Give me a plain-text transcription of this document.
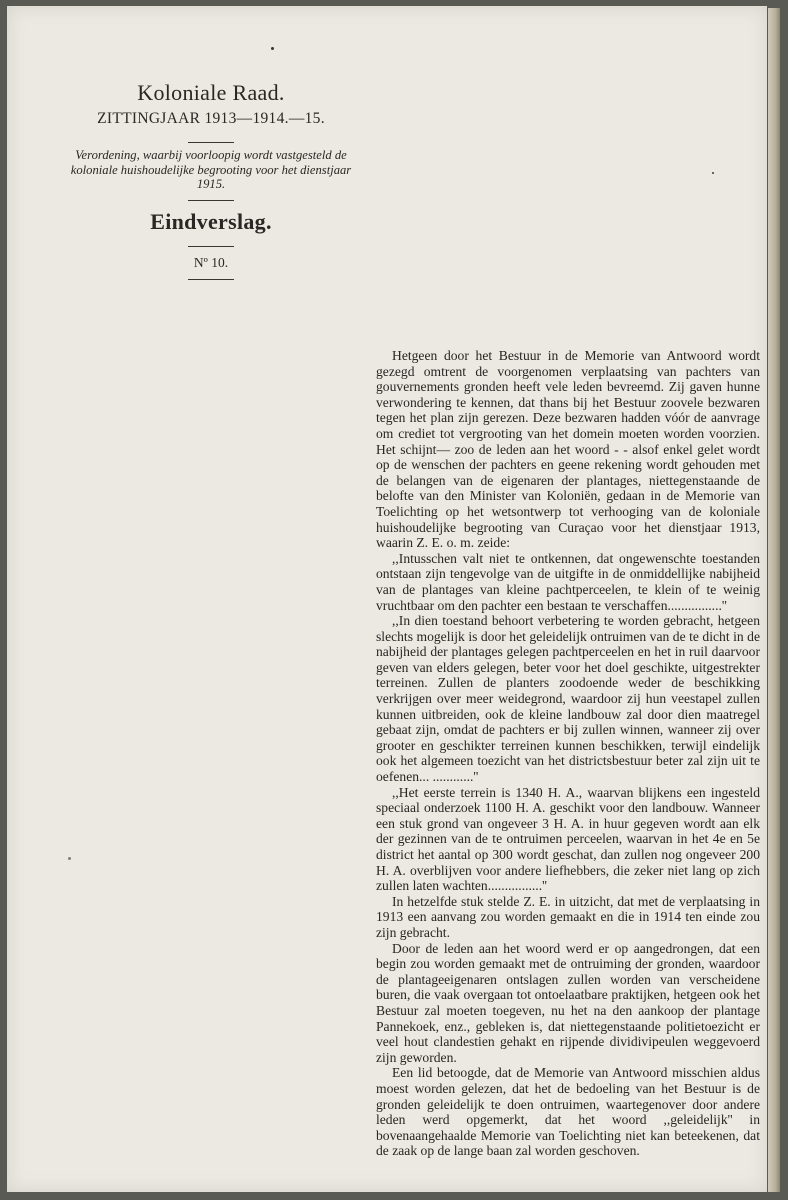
Koloniale Raad.
ZITTINGJAAR 1913—1914.—15.
Verordening, waarbij voorloopig wordt vastgesteld de koloniale huishoudelijke begrooting voor het dienstjaar 1915.
Eindverslag.
Nº 10.

Hetgeen door het Bestuur in de Memorie van Antwoord wordt gezegd omtrent de voorgenomen verplaatsing van pachters van gouvernements gronden heeft vele leden bevreemd. Zij gaven hunne verwondering te kennen, dat thans bij het Bestuur zoovele bezwaren tegen het plan zijn gerezen. Deze bezwaren hadden vóór de aanvrage om crediet tot vergrooting van het domein moeten worden voorzien. Het schijnt— zoo de leden aan het woord - - alsof enkel gelet wordt op de wenschen der pachters en geene rekening wordt gehouden met de belangen van de eigenaren der plantages, niettegenstaande de belofte van den Minister van Koloniën, gedaan in de Memorie van Toelichting op het wetsontwerp tot verhooging van de koloniale huishoudelijke begrooting van Curaçao voor het dienstjaar 1913, waarin Z. E. o. m. zeide:

,,Intusschen valt niet te ontkennen, dat ongewenschte toestanden ontstaan zijn tengevolge van de uitgifte in de onmiddellijke nabijheid van de plantages van kleine pachtperceelen, te klein of te weinig vruchtbaar om den pachter een bestaan te verschaffen................''

,,In dien toestand behoort verbetering te worden gebracht, hetgeen slechts mogelijk is door het geleidelijk ontruimen van de te dicht in de nabijheid der plantages gelegen pachtperceelen en het in ruil daarvoor geven van elders gelegen, beter voor het doel geschikte, uitgestrekter terreinen. Zullen de planters zoodoende weder de beschikking verkrijgen over meer weidegrond, waardoor zij hun veestapel zullen kunnen uitbreiden, ook de kleine landbouw zal door dien maatregel gebaat zijn, omdat de pachters er bij zullen winnen, wanneer zij over grooter en geschikter terreinen kunnen beschikken, terwijl eindelijk ook het algemeen toezicht van het districtsbestuur beter zal zijn uit te oefenen... ............''

,,Het eerste terrein is 1340 H. A., waarvan blijkens een ingesteld speciaal onderzoek 1100 H. A. geschikt voor den landbouw. Wanneer een stuk grond van ongeveer 3 H. A. in huur gegeven wordt aan elk der gezinnen van de te ontruimen perceelen, waarvan in het 4e en 5e district het aantal op 300 wordt geschat, dan zullen nog ongeveer 200 H. A. overblijven voor andere liefhebbers, die zeker niet lang op zich zullen laten wachten................''

In hetzelfde stuk stelde Z. E. in uitzicht, dat met de verplaatsing in 1913 een aanvang zou worden gemaakt en die in 1914 ten einde zou zijn gebracht.

Door de leden aan het woord werd er op aangedrongen, dat een begin zou worden gemaakt met de ontruiming der gronden, waardoor de plantageeigenaren ontslagen zullen worden van verscheidene buren, die vaak overgaan tot ontoelaatbare praktijken, hetgeen ook het Bestuur zal moeten toegeven, nu het na den aankoop der plantage Pannekoek, enz., gebleken is, dat niettegenstaande politietoezicht er veel hout clandestien gehakt en rijpende dividivipeulen weggevoerd zijn geworden.

Een lid betoogde, dat de Memorie van Antwoord misschien aldus moest worden gelezen, dat het de bedoeling van het Bestuur is de gronden geleidelijk te doen ontruimen, waartegenover door andere leden werd opgemerkt, dat het woord ,,geleidelijk'' in bovenaangehaalde Memorie van Toelichting niet kan beteekenen, dat de zaak op de lange baan zal worden geschoven.
